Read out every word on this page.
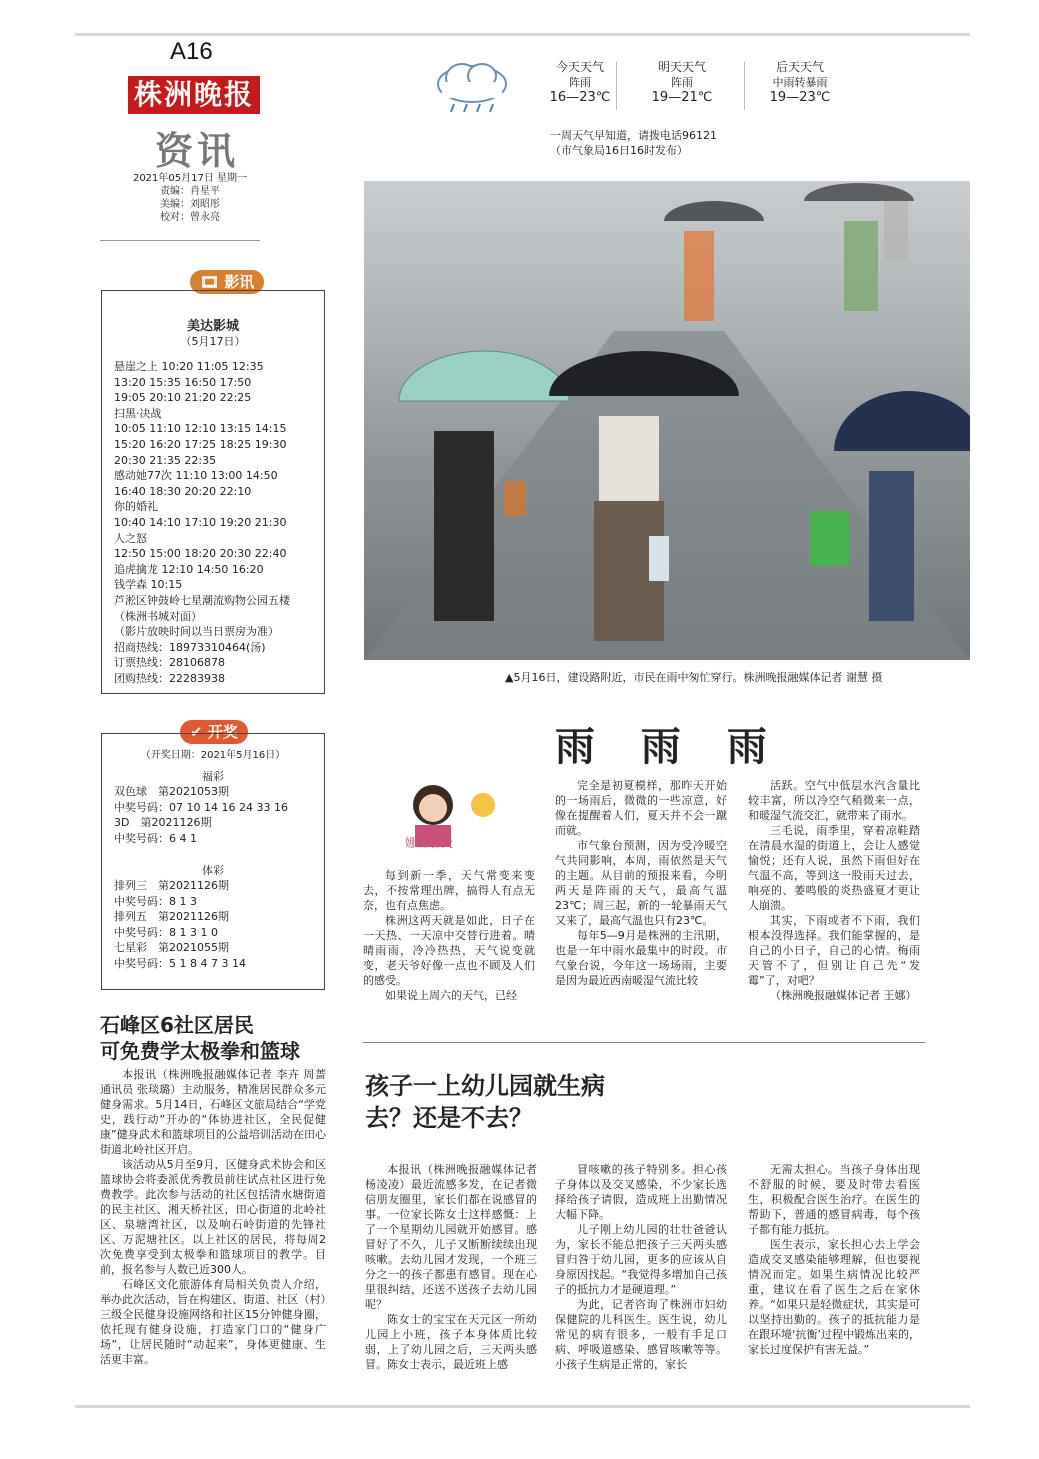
A16
株洲晚报
资讯
2021年05月17日 星期一
责编：肖星平
美编：刘昭彤
校对：曾永亮
今天天气
阵雨
16—23℃
明天天气
阵雨
19—21℃
后天天气
中雨转暴雨
19—23℃
一周天气早知道，请拨电话96121
（市气象局16日16时发布）
▲5月16日，建设路附近，市民在雨中匆忙穿行。株洲晚报融媒体记者 谢慧 摄
🎞 影讯
美达影城
（5月17日）
悬崖之上 10:20 11:05 12:35
13:20 15:35 16:50 17:50
19:05 20:10 21:20 22:25
扫黑·决战
10:05 11:10 12:10 13:15 14:15
15:20 16:20 17:25 18:25 19:30
20:30 21:35 22:35
感动她77次 11:10 13:00 14:50
16:40 18:30 20:20 22:10
你的婚礼
10:40 14:10 17:10 19:20 21:30
人之怒
12:50 15:00 18:20 20:30 22:40
追虎擒龙 12:10 14:50 16:20
钱学森 10:15
芦淞区钟鼓岭七星潮流购物公园五楼
（株洲书城对面）
（影片放映时间以当日票房为准）
招商热线：18973310464(汤)
订票热线：28106878
团购热线：22283938
✔ 开奖
（开奖日期：2021年5月16日）
福彩
双色球　第2021053期
中奖号码：07 10 14 16 24 33 16
3D　第2021126期
中奖号码：6 4 1
体彩
排列三　第2021126期
中奖号码：8 1 3
排列五　第2021126期
中奖号码：8 1 3 1 0
七星彩　第2021055期
中奖号码：5 1 8 4 7 3 14
雨 雨 雨
娜妹聊天

每到新一季，天气常变来变去，不按常理出牌，搞得人有点无奈，也有点焦虑。

株洲这两天就是如此，日子在一天热、一天凉中交替行进着。晴晴雨雨，冷冷热热，天气说变就变，老天爷好像一点也不顾及人们的感受。

如果说上周六的天气，已经

完全是初夏模样，那昨天开始的一场雨后，微微的一些凉意，好像在提醒着人们，夏天并不会一蹴而就。

市气象台预测，因为受冷暖空气共同影响，本周，雨依然是天气的主题。从目前的预报来看，今明两天是阵雨的天气，最高气温23℃；周三起，新的一轮暴雨天气又来了，最高气温也只有23℃。

每年5—9月是株洲的主汛期，也是一年中雨水最集中的时段。市气象台说，今年这一场场雨，主要是因为最近西南暖湿气流比较

活跃。空气中低层水汽含量比较丰富，所以冷空气稍微来一点，和暖湿气流交汇，就带来了雨水。

三毛说，雨季里，穿着凉鞋踏在清晨水湿的街道上，会让人感觉愉悦；还有人说，虽然下雨但好在气温不高，等到这一股雨天过去，响亮的、萎鸣般的炎热盛夏才更让人崩溃。

其实，下雨或者不下雨，我们根本没得选择。我们能掌握的，是自己的小日子，自己的心情。梅雨天管不了，但别让自己先“发霉”了，对吧？

（株洲晚报融媒体记者 王娜）

石峰区6社区居民
可免费学太极拳和篮球

本报讯（株洲晚报融媒体记者 李卉 周蔷 通讯员 张琰璐）主动服务，精准居民群众多元健身需求。5月14日，石峰区文旅局结合“学党史，践行动”开办的“体协进社区，全民促健康”健身武术和篮球项目的公益培训活动在田心街道北岭社区开启。

该活动从5月至9月，区健身武术协会和区篮球协会将委派优秀教员前往试点社区进行免费教学。此次参与活动的社区包括清水塘街道的民主社区、湘天桥社区，田心街道的北岭社区、泉塘湾社区，以及响石岭街道的先锋社区、万泥塘社区。以上社区的居民，将每周2次免费享受到太极拳和篮球项目的教学。目前，报名参与人数已近300人。

石峰区文化旅游体育局相关负责人介绍，举办此次活动，旨在构建区、街道、社区（村）三级全民健身设施网络和社区15分钟健身圈，依托现有健身设施，打造家门口的“健身广场”，让居民随时“动起来”，身体更健康、生活更丰富。

孩子一上幼儿园就生病
去？还是不去？

本报讯（株洲晚报融媒体记者 杨凌凌）最近流感多发，在记者微信朋友圈里，家长们都在说感冒的事。一位家长陈女士这样感慨：上了一个星期幼儿园就开始感冒。感冒好了不久，儿子又断断续续出现咳嗽。去幼儿园才发现，一个班三分之一的孩子都患有感冒。现在心里很纠结，还送不送孩子去幼儿园呢？

陈女士的宝宝在天元区一所幼儿园上小班，孩子本身体质比较弱，上了幼儿园之后，三天两头感冒。陈女士表示，最近班上感

冒咳嗽的孩子特别多。担心孩子身体以及交叉感染，不少家长选择给孩子请假，造成班上出勤情况大幅下降。

儿子刚上幼儿园的壮壮爸爸认为，家长不能总把孩子三天两头感冒归咎于幼儿园，更多的应该从自身原因找起。“我觉得多增加自己孩子的抵抗力才是硬道理。”

为此，记者咨询了株洲市妇幼保健院的儿科医生。医生说，幼儿常见的病有很多，一般有手足口病、呼吸道感染、感冒咳嗽等等。小孩子生病是正常的，家长

无需太担心。当孩子身体出现不舒服的时候，要及时带去看医生，积极配合医生治疗。在医生的帮助下，普通的感冒病毒，每个孩子都有能力抵抗。

医生表示，家长担心去上学会造成交叉感染能够理解，但也要视情况而定。如果生病情况比较严重，建议在看了医生之后在家休养。“如果只是轻微症状，其实是可以坚持出勤的。孩子的抵抗能力是在跟环境‘抗衡’过程中锻炼出来的，家长过度保护有害无益。”
